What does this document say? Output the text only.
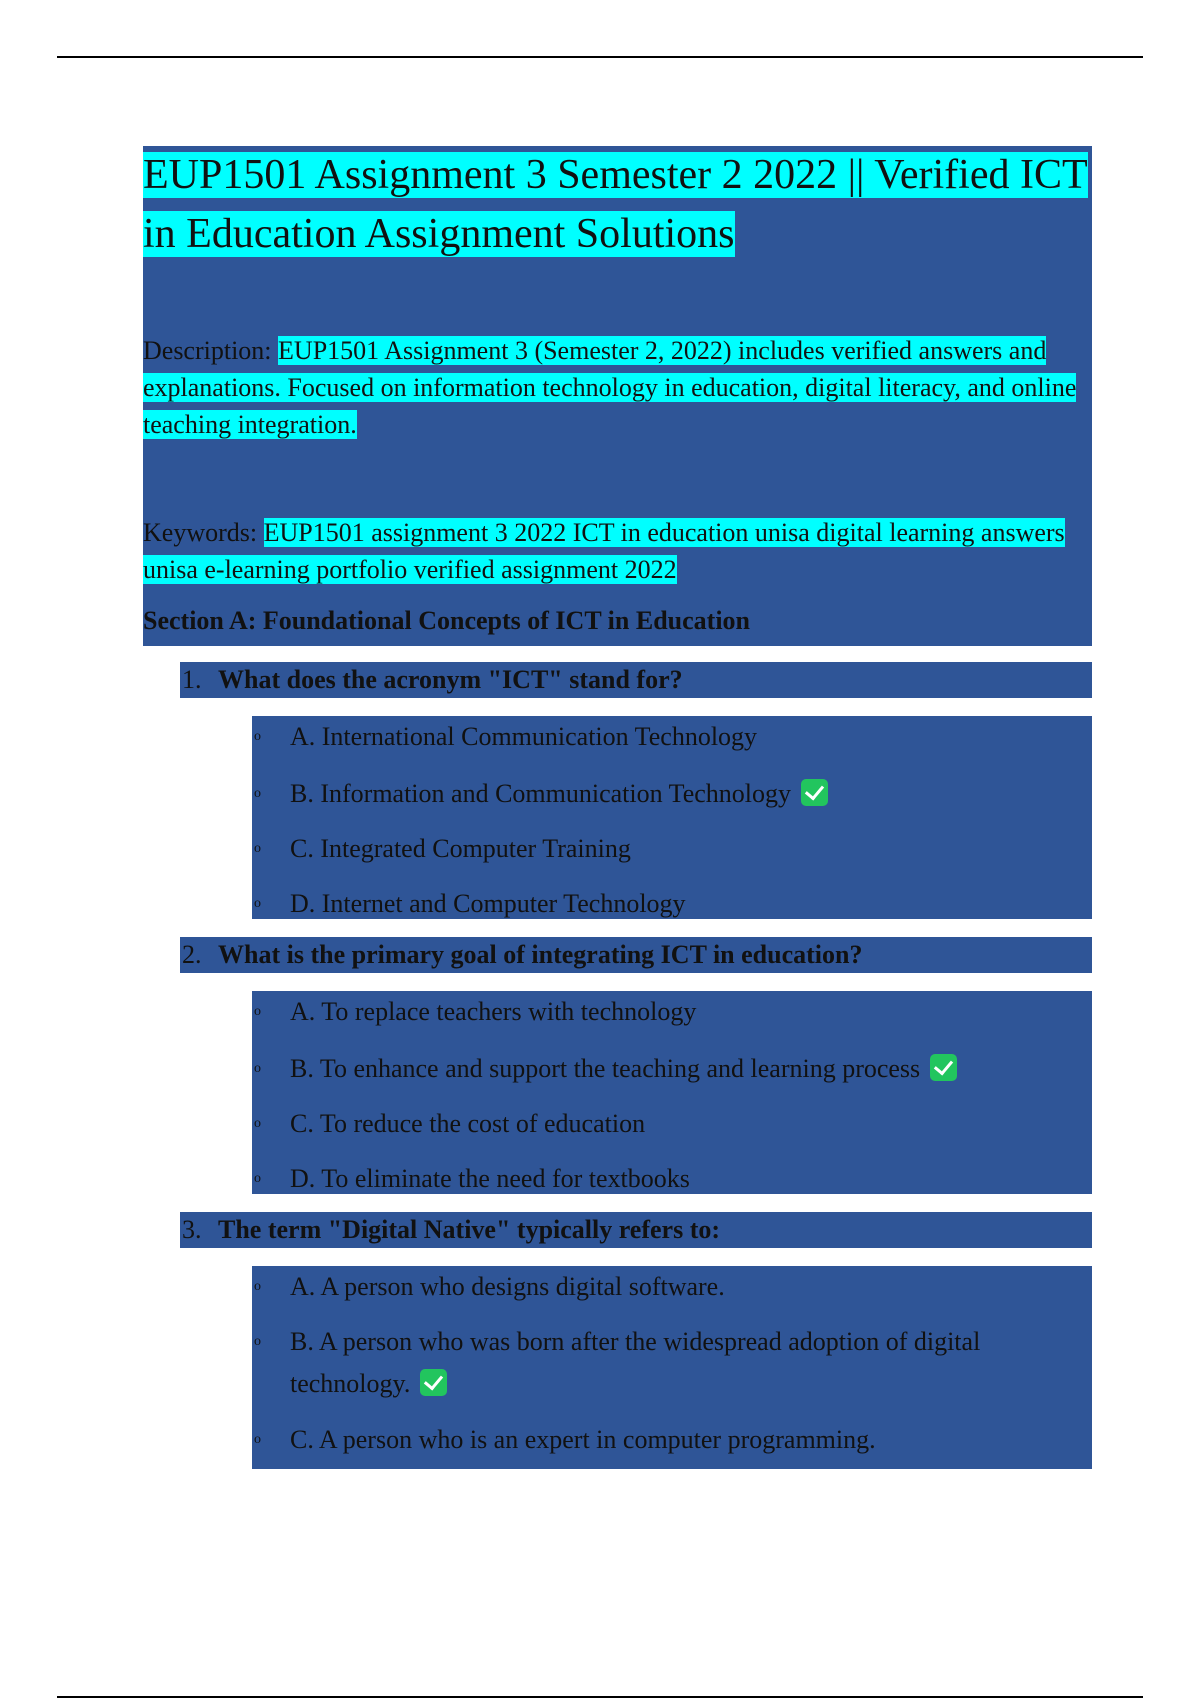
EUP1501 Assignment 3 Semester 2 2022 || Verified ICT in Education Assignment Solutions

Description: EUP1501 Assignment 3 (Semester 2, 2022) includes verified answers and explanations. Focused on information technology in education, digital literacy, and online teaching integration.

Keywords: EUP1501 assignment 3 2022 ICT in education unisa digital learning answers unisa e-learning portfolio verified assignment 2022

Section A: Foundational Concepts of ICT in Education
1. What does the acronym "ICT" stand for?
o A. International Communication Technology
o B. Information and Communication Technology
o C. Integrated Computer Training
o D. Internet and Computer Technology
2. What is the primary goal of integrating ICT in education?
o A. To replace teachers with technology
o B. To enhance and support the teaching and learning process
o C. To reduce the cost of education
o D. To eliminate the need for textbooks
3. The term "Digital Native" typically refers to:
o A. A person who designs digital software.
o B. A person who was born after the widespread adoption of digital technology.
o C. A person who is an expert in computer programming.
